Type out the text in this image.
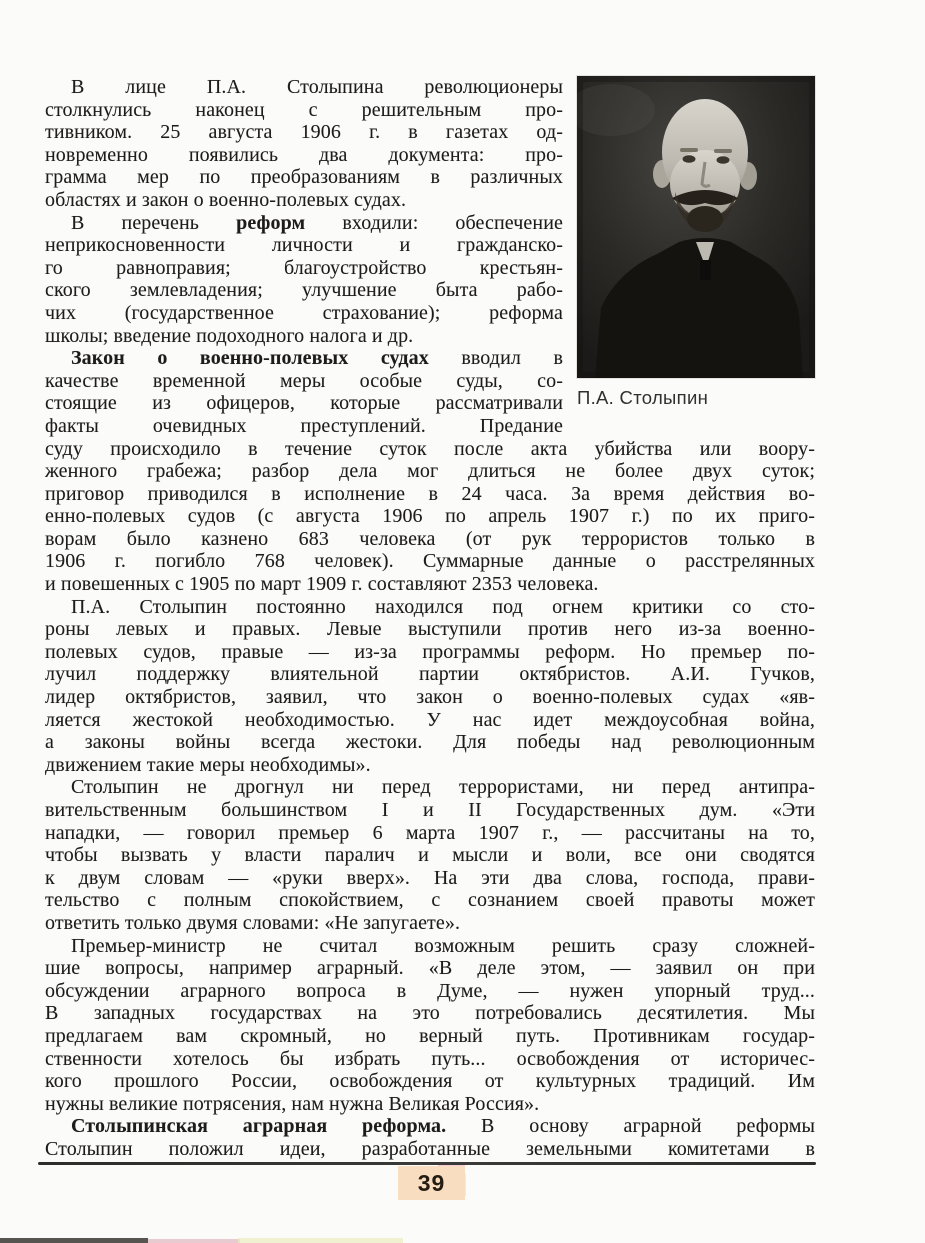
П.А. Столыпин
В лице П.А. Столыпина революционеры
столкнулись наконец с решительным про-
тивником. 25 августа 1906 г. в газетах од-
новременно появились два документа: про-
грамма мер по преобразованиям в различных
областях и закон о военно-полевых судах.
В перечень реформ входили: обеспечение
неприкосновенности личности и гражданско-
го равноправия; благоустройство крестьян-
ского землевладения; улучшение быта рабо-
чих (государственное страхование); реформа
школы; введение подоходного налога и др.
Закон о военно-полевых судах вводил в
качестве временной меры особые суды, со-
стоящие из офицеров, которые рассматривали
факты очевидных преступлений. Предание
суду происходило в течение суток после акта убийства или воору-
женного грабежа; разбор дела мог длиться не более двух суток;
приговор приводился в исполнение в 24 часа. За время действия во-
енно-полевых судов (с августа 1906 по апрель 1907 г.) по их приго-
ворам было казнено 683 человека (от рук террористов только в
1906 г. погибло 768 человек). Суммарные данные о расстрелянных
и повешенных с 1905 по март 1909 г. составляют 2353 человека.
П.А. Столыпин постоянно находился под огнем критики со сто-
роны левых и правых. Левые выступили против него из-за военно-
полевых судов, правые — из-за программы реформ. Но премьер по-
лучил поддержку влиятельной партии октябристов. А.И. Гучков,
лидер октябристов, заявил, что закон о военно-полевых судах «яв-
ляется жестокой необходимостью. У нас идет междоусобная война,
а законы войны всегда жестоки. Для победы над революционным
движением такие меры необходимы».
Столыпин не дрогнул ни перед террористами, ни перед антипра-
вительственным большинством I и II Государственных дум. «Эти
нападки, — говорил премьер 6 марта 1907 г., — рассчитаны на то,
чтобы вызвать у власти паралич и мысли и воли, все они сводятся
к двум словам — «руки вверх». На эти два слова, господа, прави-
тельство с полным спокойствием, с сознанием своей правоты может
ответить только двумя словами: «Не запугаете».
Премьер-министр не считал возможным решить сразу сложней-
шие вопросы, например аграрный. «В деле этом, — заявил он при
обсуждении аграрного вопроса в Думе, — нужен упорный труд...
В западных государствах на это потребовались десятилетия. Мы
предлагаем вам скромный, но верный путь. Противникам государ-
ственности хотелось бы избрать путь... освобождения от историчес-
кого прошлого России, освобождения от культурных традиций. Им
нужны великие потрясения, нам нужна Великая Россия».
Столыпинская аграрная реформа. В основу аграрной реформы
Столыпин положил идеи, разработанные земельными комитетами в
39
